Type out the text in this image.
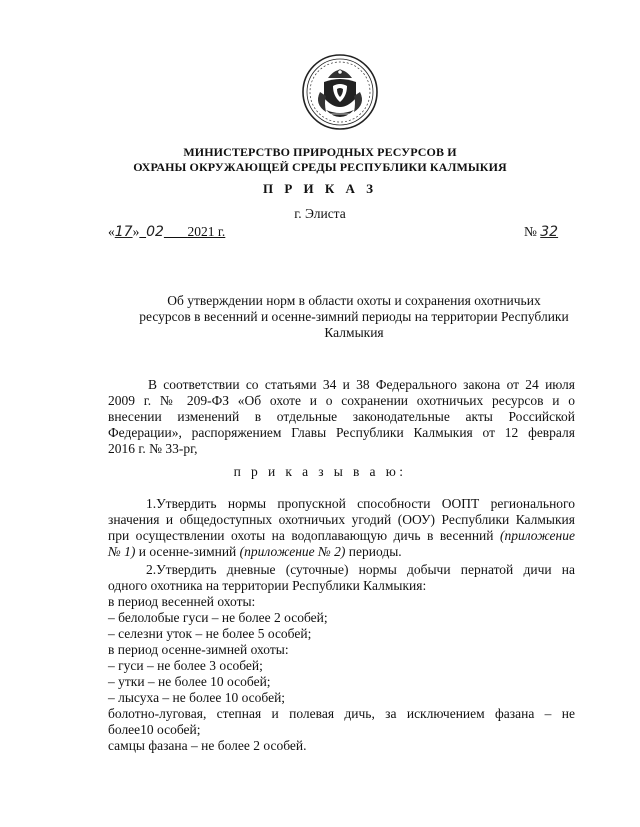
МИНИСТЕРСТВО ПРИРОДНЫХ РЕСУРСОВ И
ОХРАНЫ ОКРУЖАЮЩЕЙ СРЕДЫ РЕСПУБЛИКИ КАЛМЫКИЯ
П Р И К А З
г. Элиста
«17» 02 2021 г.	№ 32
Об утверждении норм в области охоты и сохранения охотничьих
ресурсов в весенний и осенне-зимний периоды на территории Республики
Калмыкия
В соответствии со статьями 34 и 38 Федерального закона от 24 июля
2009 г. № 209-ФЗ «Об охоте и о сохранении охотничьих ресурсов и о
внесении изменений в отдельные законодательные акты Российской
Федерации», распоряжением Главы Республики Калмыкия от 12 февраля
2016 г. № 33-рг,
п р и к а з ы в а ю:
1.Утвердить нормы пропускной способности ООПТ регионального
значения и общедоступных охотничьих угодий (ООУ) Республики Калмыкия
при осуществлении охоты на водоплавающую дичь в весенний (приложение
№ 1) и осенне-зимний (приложение № 2) периоды.
2.Утвердить дневные (суточные) нормы добычи пернатой дичи на
одного охотника на территории Республики Калмыкия:
в период весенней охоты:
– белолобые гуси – не более 2 особей;
– селезни уток – не более 5 особей;
в период осенне-зимней охоты:
– гуси – не более 3 особей;
– утки – не более 10 особей;
– лысуха – не более 10 особей;
болотно-луговая, степная и полевая дичь, за исключением фазана – не
более10 особей;
самцы фазана – не более 2 особей.
